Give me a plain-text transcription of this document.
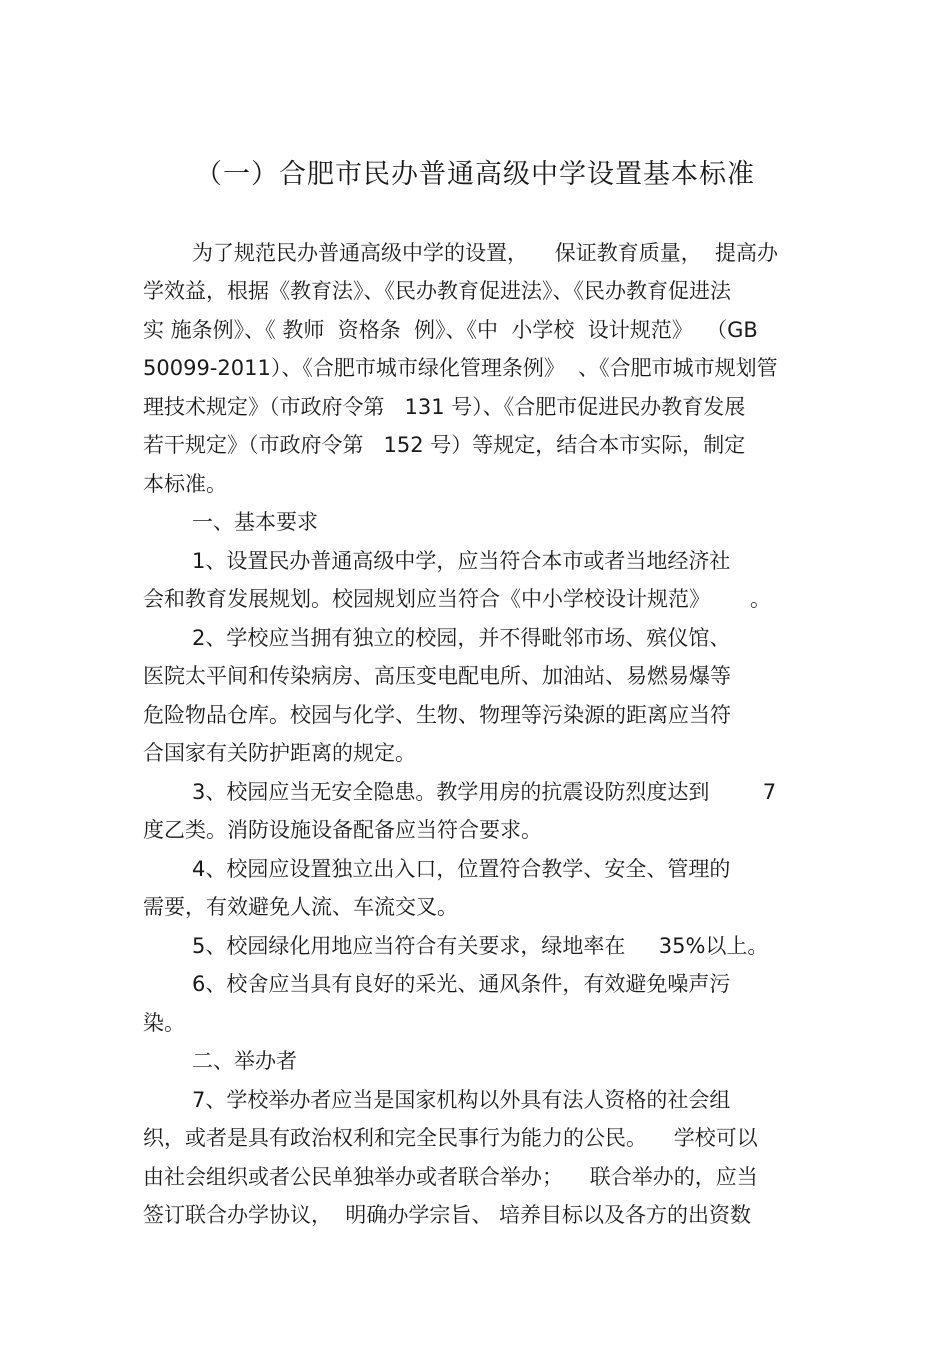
（一）合肥市民办普通高级中学设置基本标准
为了规范民办普通高级中学的设置，    保证教育质量，  提高办
学效益，根据《教育法》、《民办教育促进法》、《民办教育促进法
实 施条例》、《 教师  资格条  例》、《中  小学校  设计规范》  （GB
50099-2011）、《合肥市城市绿化管理条例》  、《合肥市城市规划管
理技术规定》（市政府令第   131 号）、《合肥市促进民办教育发展
若干规定》（市政府令第   152 号）等规定，结合本市实际，制定
本标准。
一、基本要求
1、设置民办普通高级中学，应当符合本市或者当地经济社
会和教育发展规划。校园规划应当符合《中小学校设计规范》      。
2、学校应当拥有独立的校园，并不得毗邻市场、殡仪馆、
医院太平间和传染病房、高压变电配电所、加油站、易燃易爆等
危险物品仓库。校园与化学、生物、物理等污染源的距离应当符
合国家有关防护距离的规定。
3、校园应当无安全隐患。教学用房的抗震设防烈度达到        7
度乙类。消防设施设备配备应当符合要求。
4、校园应设置独立出入口，位置符合教学、安全、管理的
需要，有效避免人流、车流交叉。
5、校园绿化用地应当符合有关要求，绿地率在     35%以上。
6、校舍应当具有良好的采光、通风条件，有效避免噪声污
染。
二、举办者
7、学校举办者应当是国家机构以外具有法人资格的社会组
织，或者是具有政治权利和完全民事行为能力的公民。    学校可以
由社会组织或者公民单独举办或者联合举办；    联合举办的，应当
签订联合办学协议，  明确办学宗旨、 培养目标以及各方的出资数
